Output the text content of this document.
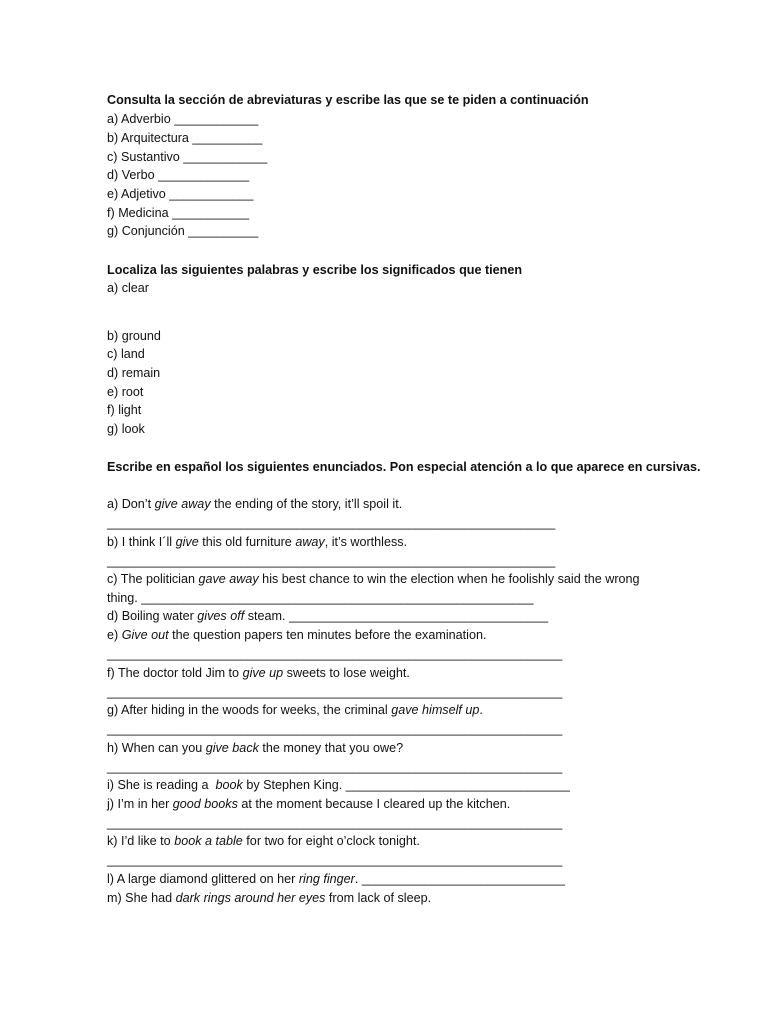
Consulta la sección de abreviaturas y escribe las que se te piden a continuación
a) Adverbio ____________
b) Arquitectura __________
c) Sustantivo ____________
d) Verbo _____________
e) Adjetivo ____________
f) Medicina ___________
g) Conjunción __________
Localiza las siguientes palabras y escribe los significados que tienen
a) clear
b) ground
c) land
d) remain
e) root
f) light
g) look
Escribe en español los siguientes enunciados. Pon especial atención a lo que aparece en cursivas.
a) Don’t give away the ending of the story, it’ll spoil it.
________________________________________________________________
b) I think I´ll give this old furniture away, it’s worthless.
________________________________________________________________
c) The politician gave away his best chance to win the election when he foolishly said the wrong
thing. ________________________________________________________
d) Boiling water gives off steam. _____________________________________
e) Give out the question papers ten minutes before the examination.
_________________________________________________________________
f) The doctor told Jim to give up sweets to lose weight.
_________________________________________________________________
g) After hiding in the woods for weeks, the criminal gave himself up.
_________________________________________________________________
h) When can you give back the money that you owe?
_________________________________________________________________
i) She is reading a  book by Stephen King. ________________________________
j) I’m in her good books at the moment because I cleared up the kitchen.
_________________________________________________________________
k) I’d like to book a table for two for eight o’clock tonight.
_________________________________________________________________
l) A large diamond glittered on her ring finger. _____________________________
m) She had dark rings around her eyes from lack of sleep.
